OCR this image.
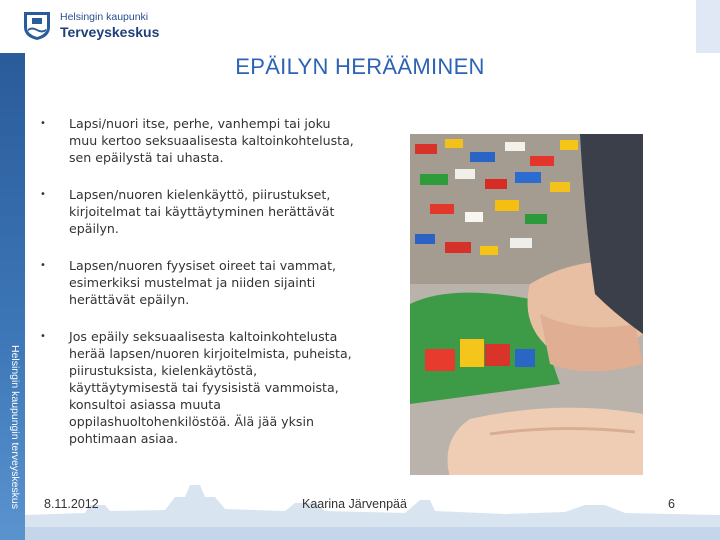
Helsingin kaupunki
Terveyskeskus
Helsingin kaupungin terveyskeskus
EPÄILYN HERÄÄMINEN
• Lapsi/nuori itse, perhe, vanhempi tai joku muu kertoo seksuaalisesta kaltoinkohtelusta, sen epäilystä tai uhasta.
• Lapsen/nuoren kielenkäyttö, piirustukset, kirjoitelmat tai käyttäytyminen herättävät epäilyn.
• Lapsen/nuoren fyysiset oireet tai vammat, esimerkiksi mustelmat ja niiden sijainti herättävät epäilyn.
• Jos epäily seksuaalisesta kaltoinkohtelusta herää lapsen/nuoren kirjoitelmista, puheista, piirustuksista, kielenkäytöstä, käyttäytymisestä tai fyysisistä vammoista, konsultoi asiassa muuta oppilashuoltohenkilöstöä. Älä jää yksin pohtimaan asiaa.
8.11.2012	Kaarina Järvenpää	6
